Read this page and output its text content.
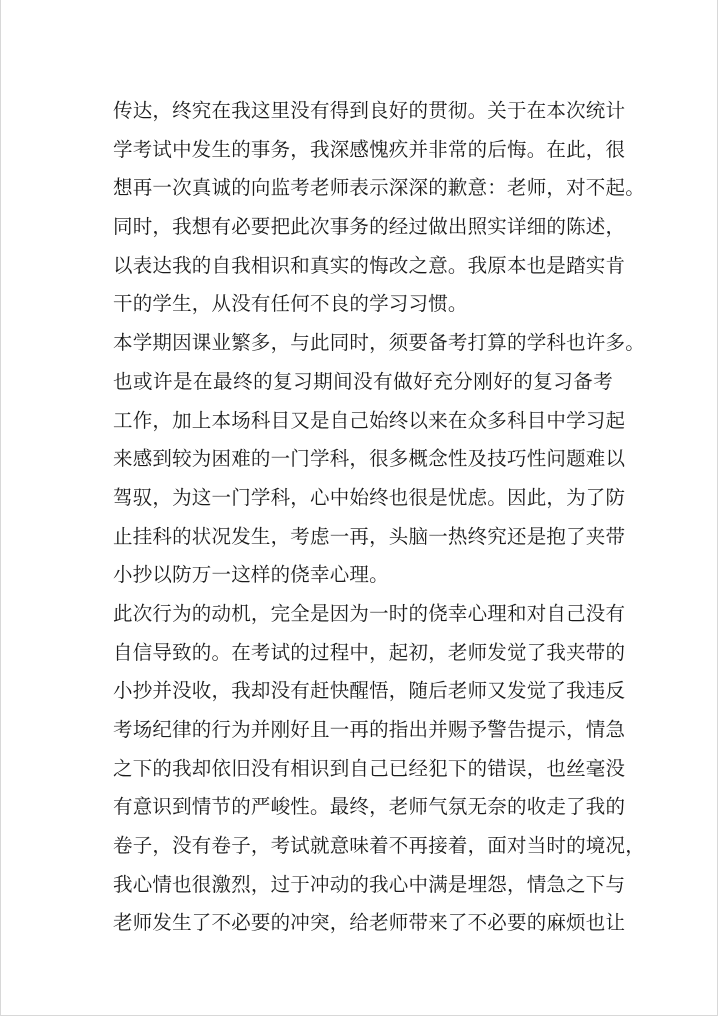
传达，终究在我这里没有得到良好的贯彻。关于在本次统计
学考试中发生的事务，我深感愧疚并非常的后悔。在此，很
想再一次真诚的向监考老师表示深深的歉意：老师，对不起。
同时，我想有必要把此次事务的经过做出照实详细的陈述，
以表达我的自我相识和真实的悔改之意。我原本也是踏实肯
干的学生，从没有任何不良的学习习惯。
本学期因课业繁多，与此同时，须要备考打算的学科也许多。
也或许是在最终的复习期间没有做好充分刚好的复习备考
工作，加上本场科目又是自己始终以来在众多科目中学习起
来感到较为困难的一门学科，很多概念性及技巧性问题难以
驾驭，为这一门学科，心中始终也很是忧虑。因此，为了防
止挂科的状况发生，考虑一再，头脑一热终究还是抱了夹带
小抄以防万一这样的侥幸心理。
此次行为的动机，完全是因为一时的侥幸心理和对自己没有
自信导致的。在考试的过程中，起初，老师发觉了我夹带的
小抄并没收，我却没有赶快醒悟，随后老师又发觉了我违反
考场纪律的行为并刚好且一再的指出并赐予警告提示，情急
之下的我却依旧没有相识到自己已经犯下的错误，也丝毫没
有意识到情节的严峻性。最终，老师气氛无奈的收走了我的
卷子，没有卷子，考试就意味着不再接着，面对当时的境况，
我心情也很激烈，过于冲动的我心中满是埋怨，情急之下与
老师发生了不必要的冲突，给老师带来了不必要的麻烦也让
